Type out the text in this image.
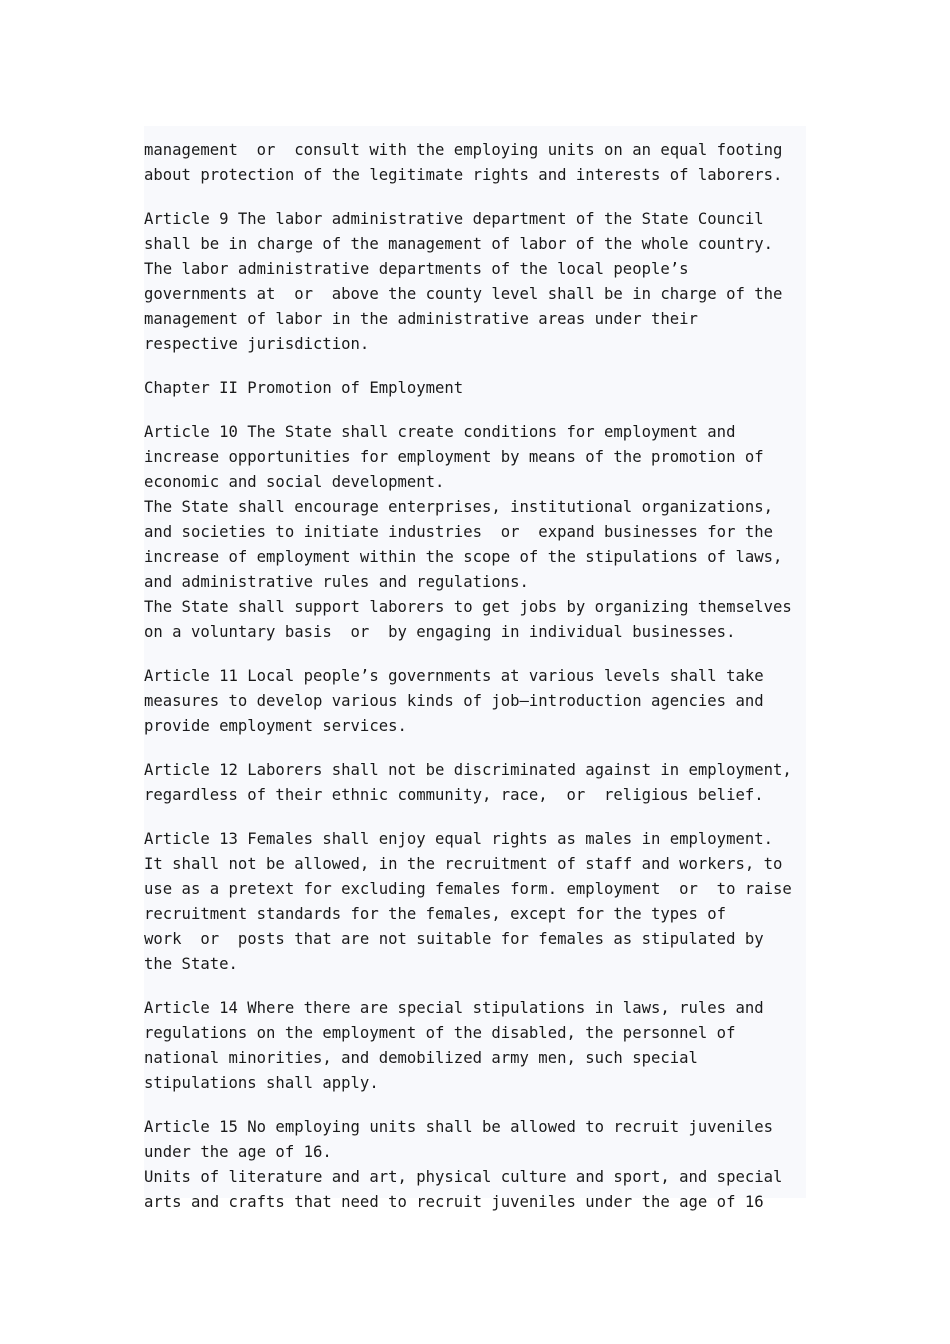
management  or  consult with the employing units on an equal footing
about protection of the legitimate rights and interests of laborers.
Article 9 The labor administrative department of the State Council
shall be in charge of the management of labor of the whole country.
The labor administrative departments of the local people’s
governments at  or  above the county level shall be in charge of the
management of labor in the administrative areas under their
respective jurisdiction.
Chapter II Promotion of Employment
Article 10 The State shall create conditions for employment and
increase opportunities for employment by means of the promotion of
economic and social development.
The State shall encourage enterprises, institutional organizations,
and societies to initiate industries  or  expand businesses for the
increase of employment within the scope of the stipulations of laws,
and administrative rules and regulations.
The State shall support laborers to get jobs by organizing themselves
on a voluntary basis  or  by engaging in individual businesses.
Article 11 Local people’s governments at various levels shall take
measures to develop various kinds of job—introduction agencies and
provide employment services.
Article 12 Laborers shall not be discriminated against in employment,
regardless of their ethnic community, race,  or  religious belief.
Article 13 Females shall enjoy equal rights as males in employment.
It shall not be allowed, in the recruitment of staff and workers, to
use as a pretext for excluding females form. employment  or  to raise
recruitment standards for the females, except for the types of
work  or  posts that are not suitable for females as stipulated by
the State.
Article 14 Where there are special stipulations in laws, rules and
regulations on the employment of the disabled, the personnel of
national minorities, and demobilized army men, such special
stipulations shall apply.
Article 15 No employing units shall be allowed to recruit juveniles
under the age of 16.
Units of literature and art, physical culture and sport, and special
arts and crafts that need to recruit juveniles under the age of 16
